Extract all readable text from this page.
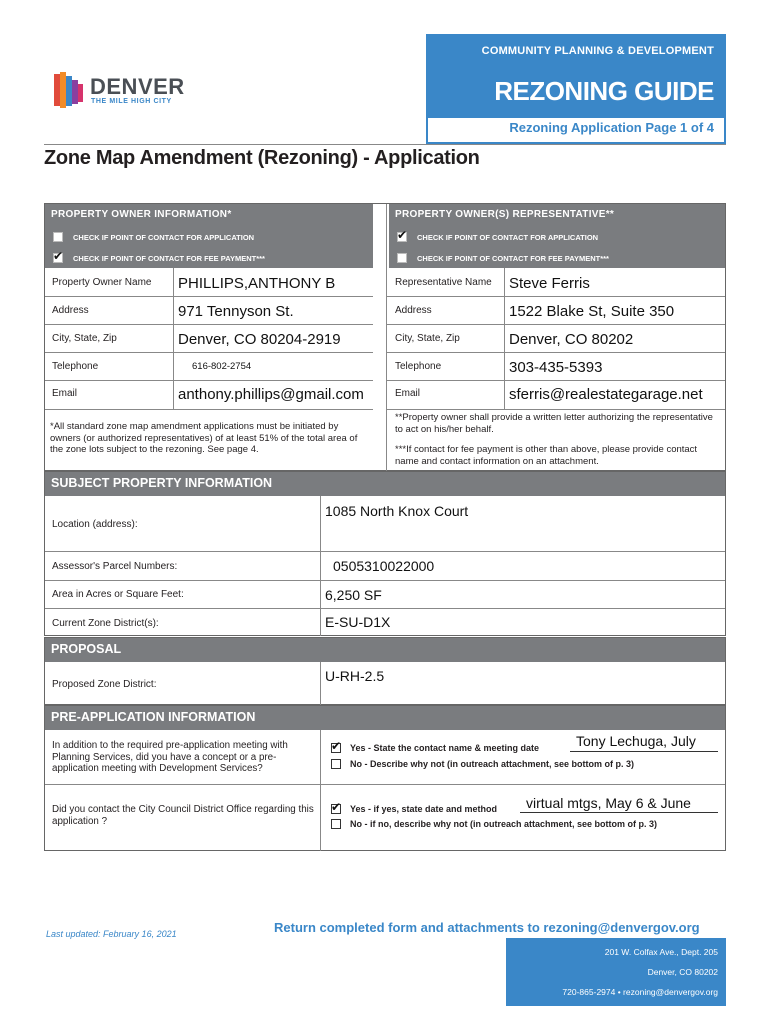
DENVER
THE MILE HIGH CITY
COMMUNITY PLANNING & DEVELOPMENT
REZONING GUIDE
Rezoning Application Page 1 of 4
Zone Map Amendment (Rezoning) - Application
PROPERTY OWNER INFORMATION*
CHECK IF POINT OF CONTACT FOR APPLICATION
✔ CHECK IF POINT OF CONTACT FOR FEE PAYMENT***
Property Owner Name PHILLIPS,ANTHONY B
Address	971 Tennyson St.
City, State, Zip	Denver, CO 80204-2919
Telephone	616-802-2754
Email	anthony.phillips@gmail.com
*All standard zone map amendment applications must be initiated by owners (or authorized representatives) of at least 51% of the total area of the zone lots subject to the rezoning. See page 4.
PROPERTY OWNER(S) REPRESENTATIVE**
✔ CHECK IF POINT OF CONTACT FOR APPLICATION
CHECK IF POINT OF CONTACT FOR FEE PAYMENT***
Representative Name Steve Ferris
Address	1522 Blake St, Suite 350
City, State, Zip	Denver, CO 80202
Telephone	303-435-5393
Email	sferris@realestategarage.net
**Property owner shall provide a written letter authorizing the representative to act on his/her behalf.
***If contact for fee payment is other than above, please provide contact name and contact information on an attachment.
SUBJECT PROPERTY INFORMATION
Location (address):
1085 North Knox Court
Assessor's Parcel Numbers:	0505310022000
Area in Acres or Square Feet:	6,250 SF
Current Zone District(s):	E-SU-D1X
PROPOSAL
Proposed Zone District:
U-RH-2.5
PRE-APPLICATION INFORMATION
In addition to the required pre-application meeting with Planning Services, did you have a concept or a pre-application meeting with Development Services?
✔ Yes - State the contact name & meeting date	Tony Lechuga, July
No - Describe why not (in outreach attachment, see bottom of p. 3)
Did you contact the City Council District Office regarding this application ?
✔ Yes - if yes, state date and method virtual mtgs, May 6 & June
No - if no, describe why not (in outreach attachment, see bottom of p. 3)
Last updated: February 16, 2021	Return completed form and attachments to rezoning@denvergov.org
201 W. Colfax Ave., Dept. 205
Denver, CO 80202
720-865-2974 • rezoning@denvergov.org
